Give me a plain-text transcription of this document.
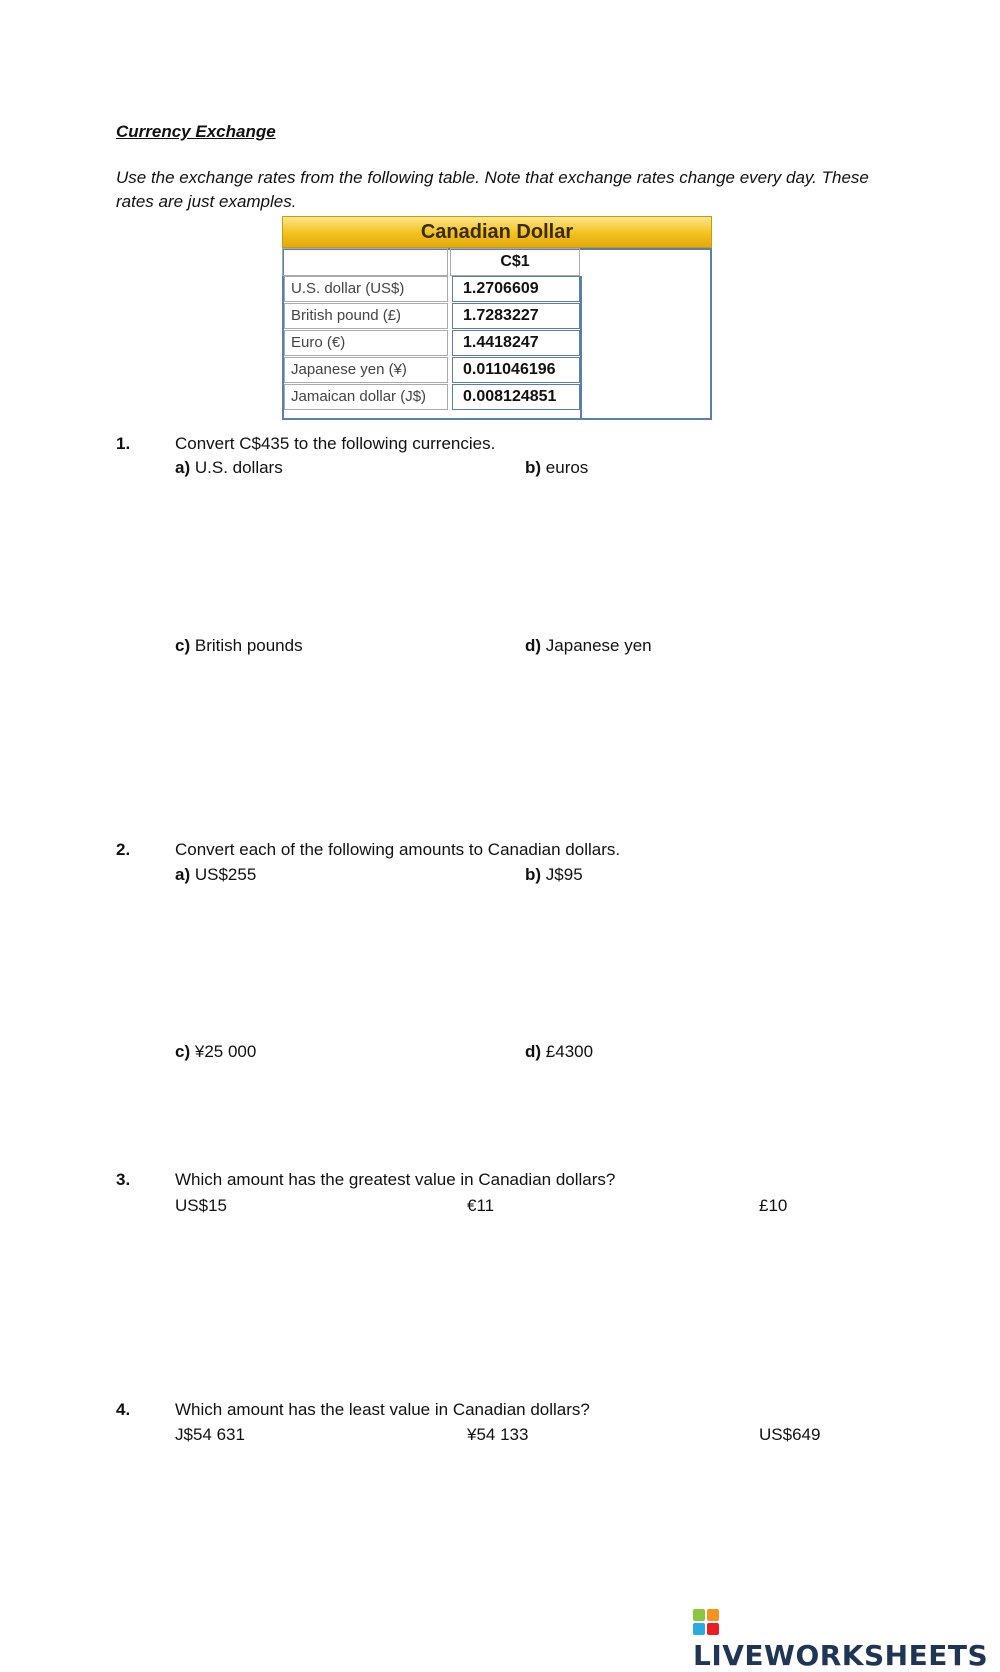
Currency Exchange
Use the exchange rates from the following table. Note that exchange rates change every day. These rates are just examples.
Canadian Dollar
C$1
U.S. dollar (US$)	1.2706609
British pound (£)	1.7283227
Euro (€)	1.4418247
Japanese yen (¥)	0.011046196
Jamaican dollar (J$)	0.008124851
1.	Convert C$435 to the following currencies.
a) U.S. dollars	b) euros
c) British pounds	d) Japanese yen
2.	Convert each of the following amounts to Canadian dollars.
a) US$255	b) J$95
c) ¥25 000	d) £4300
3.	Which amount has the greatest value in Canadian dollars?
US$15	€11	£10
4.	Which amount has the least value in Canadian dollars?
J$54 631	¥54 133	US$649
LIVEWORKSHEETS
